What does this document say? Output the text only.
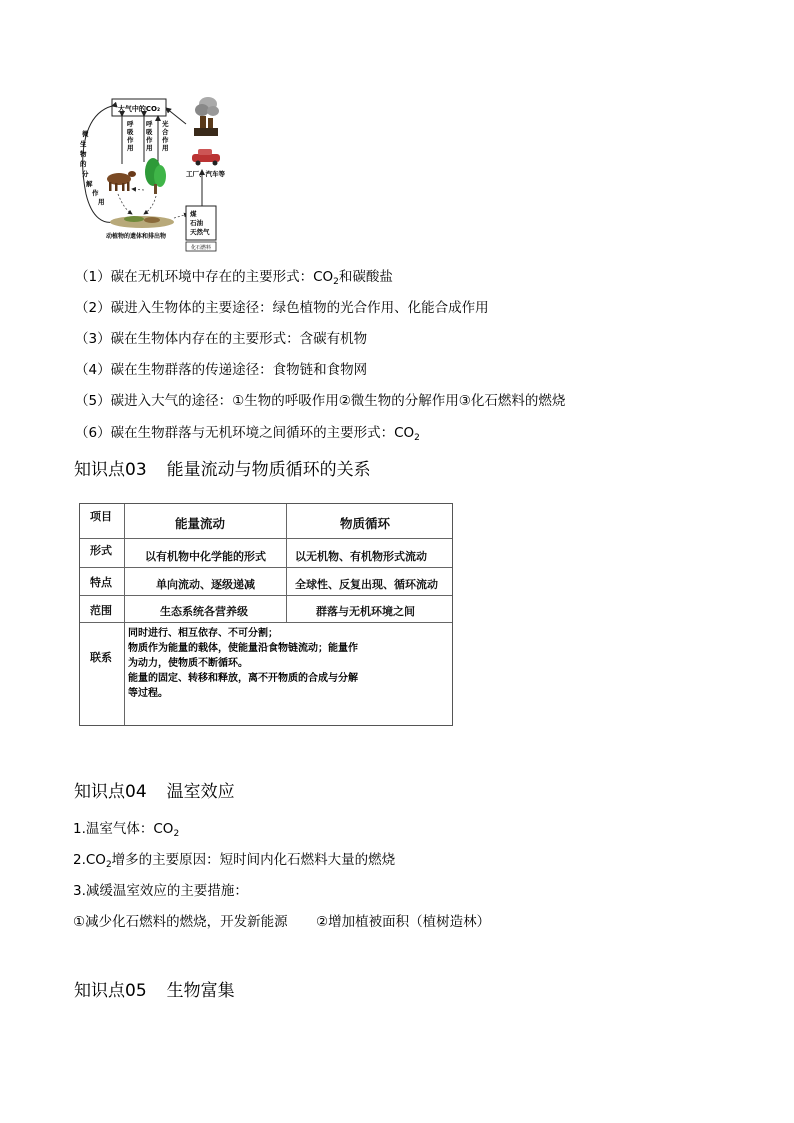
大气中的CO₂
呼吸作用
呼吸作用
光合作用
微生物的分解作用
动植物的遗体和排出物
工厂、汽车等
煤石油天然气
化石燃料
（1）碳在无机环境中存在的主要形式：$CO_2$和碳酸盐
（2）碳进入生物体的主要途径：绿色植物的光合作用、化能合成作用
（3）碳在生物体内存在的主要形式：含碳有机物
（4）碳在生物群落的传递途径：食物链和食物网
（5）碳进入大气的途径：①生物的呼吸作用②微生物的分解作用③化石燃料的燃烧
（6）碳在生物群落与无机环境之间循环的主要形式：$CO_2$
知识点03 能量流动与物质循环的关系
项目	能量流动	物质循环
形式	以有机物中化学能的形式	以无机物、有机物形式流动
特点	单向流动、逐级递减	全球性、反复出现、循环流动
范围	生态系统各营养级	群落与无机环境之间
联系
同时进行、相互依存、不可分割；
物质作为能量的载体，使能量沿食物链流动；能量作
为动力，使物质不断循环。
能量的固定、转移和释放，离不开物质的合成与分解
等过程。
知识点04 温室效应
1.温室气体：$CO_2$
$2.CO_2$增多的主要原因：短时间内化石燃料大量的燃烧
3.减缓温室效应的主要措施：
①减少化石燃料的燃烧，开发新能源 ②增加植被面积（植树造林）
知识点05 生物富集
